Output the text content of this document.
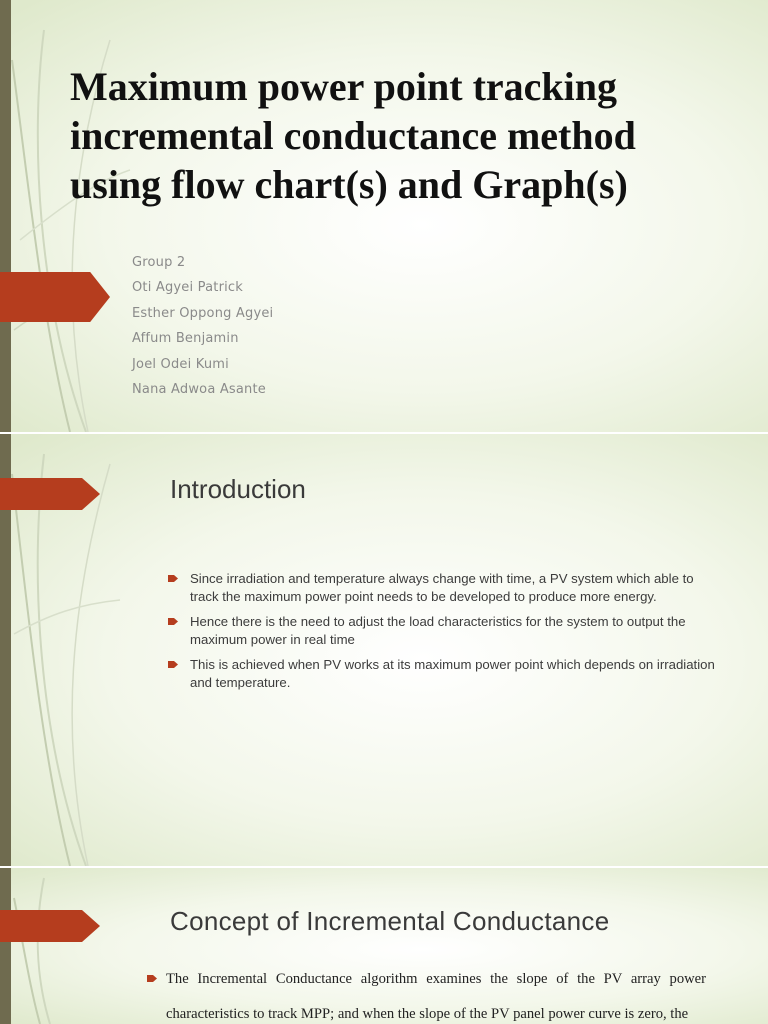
Maximum power point tracking incremental conductance method using flow chart(s) and Graph(s)
Group 2
Oti Agyei Patrick
Esther Oppong Agyei
Affum Benjamin
Joel Odei Kumi
Nana Adwoa Asante
Introduction
Since irradiation and temperature always change with time, a PV system which able to track the maximum power point needs to be developed to produce more energy.
Hence there is the need to adjust the load characteristics for the system to output the maximum power in real time
This is achieved when PV works at its maximum power point which depends on irradiation and temperature.
Concept of Incremental Conductance

The Incremental Conductance algorithm examines the slope of the PV array power characteristics to track MPP; and when the slope of the PV panel power curve is zero, the
